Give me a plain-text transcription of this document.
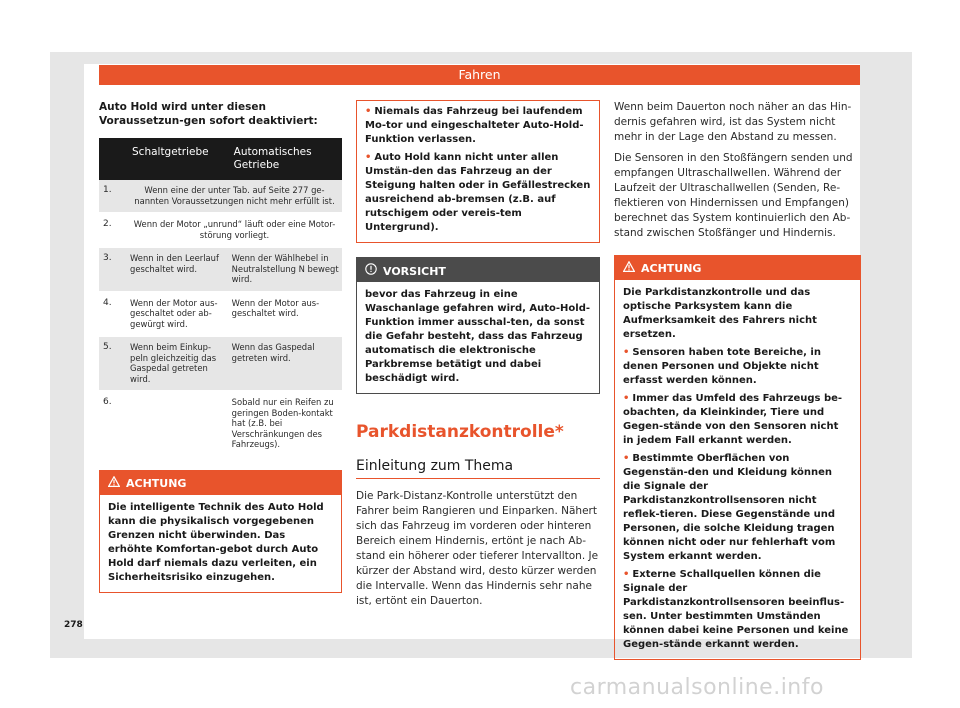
Fahren

Auto Hold wird unter diesen Voraussetzun-gen sofort deaktiviert:

	Schaltgetriebe	Automatisches Getriebe
1.	Wenn eine der unter Tab. auf Seite 277 ge-nannten Voraussetzungen nicht mehr erfüllt ist.	
2.	Wenn der Motor „unrund“ läuft oder eine Motor-störung vorliegt.	
3.	Wenn in den Leerlauf geschaltet wird.	Wenn der Wählhebel in Neutralstellung N bewegt wird.
4.	Wenn der Motor aus-geschaltet oder ab-gewürgt wird.	Wenn der Motor aus-geschaltet wird.
5.	Wenn beim Einkup-peln gleichzeitig das Gaspedal getreten wird.	Wenn das Gaspedal getreten wird.
6.		Sobald nur ein Reifen zu geringen Boden-kontakt hat (z.B. bei Verschränkungen des Fahrzeugs).
ACHTUNG
Die intelligente Technik des Auto Hold kann die physikalisch vorgegebenen Grenzen nicht überwinden. Das erhöhte Komfortan-gebot durch Auto Hold darf niemals dazu verleiten, ein Sicherheitsrisiko einzugehen.

• Niemals das Fahrzeug bei laufendem Mo-tor und eingeschalteter Auto-Hold-Funktion verlassen.

• Auto Hold kann nicht unter allen Umstän-den das Fahrzeug an der Steigung halten oder in Gefällestrecken ausreichend ab-bremsen (z.B. auf rutschigem oder vereis-tem Untergrund).

VORSICHT
bevor das Fahrzeug in eine Waschanlage gefahren wird, Auto-Hold-Funktion immer ausschal-ten, da sonst die Gefahr besteht, dass das Fahrzeug automatisch die elektronische Parkbremse betätigt und dabei beschädigt wird.

Parkdistanzkontrolle*

Einleitung zum Thema

Die Park-Distanz-Kontrolle unterstützt den Fahrer beim Rangieren und Einparken. Nähert sich das Fahrzeug im vorderen oder hinteren Bereich einem Hindernis, ertönt je nach Ab-stand ein höherer oder tieferer Intervallton. Je kürzer der Abstand wird, desto kürzer werden die Intervalle. Wenn das Hindernis sehr nahe ist, ertönt ein Dauerton.

Wenn beim Dauerton noch näher an das Hin-dernis gefahren wird, ist das System nicht mehr in der Lage den Abstand zu messen.

Die Sensoren in den Stoßfängern senden und empfangen Ultraschallwellen. Während der Laufzeit der Ultraschallwellen (Senden, Re-flektieren von Hindernissen und Empfangen) berechnet das System kontinuierlich den Ab-stand zwischen Stoßfänger und Hindernis.

ACHTUNG

Die Parkdistanzkontrolle und das optische Parksystem kann die Aufmerksamkeit des Fahrers nicht ersetzen.

• Sensoren haben tote Bereiche, in denen Personen und Objekte nicht erfasst werden können.

• Immer das Umfeld des Fahrzeugs be-obachten, da Kleinkinder, Tiere und Gegen-stände von den Sensoren nicht in jedem Fall erkannt werden.

• Bestimmte Oberflächen von Gegenstän-den und Kleidung können die Signale der Parkdistanzkontrollsensoren nicht reflek-tieren. Diese Gegenstände und Personen, die solche Kleidung tragen können nicht oder nur fehlerhaft vom System erkannt werden.

• Externe Schallquellen können die Signale der Parkdistanzkontrollsensoren beeinflus-sen. Unter bestimmten Umständen können dabei keine Personen und keine Gegen-stände erkannt werden.

278
carmanualsonline.info
